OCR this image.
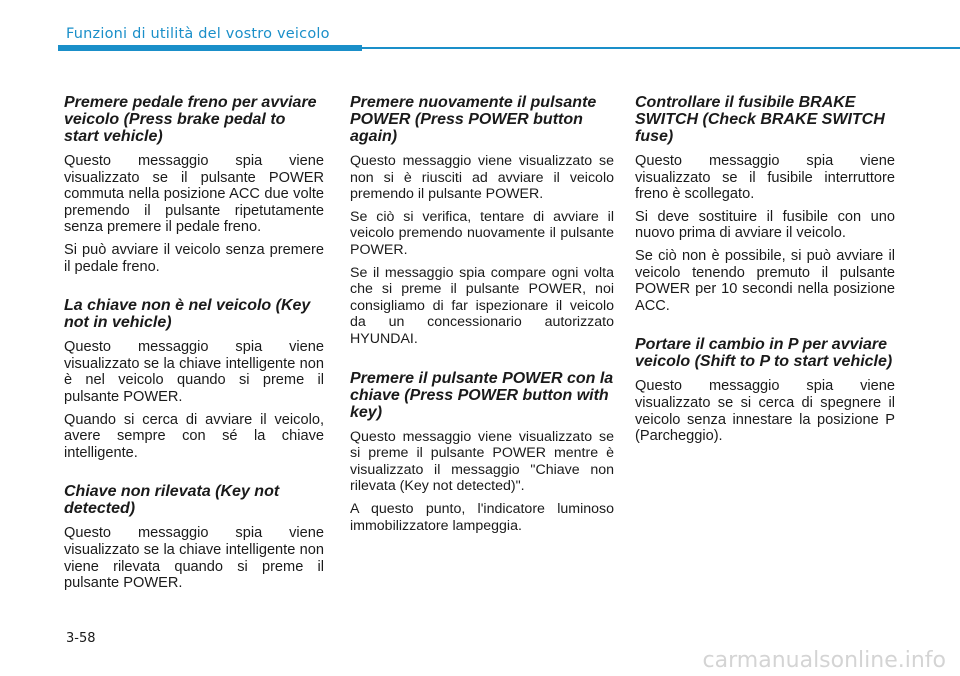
Funzioni di utilità del vostro veicolo
Premere pedale freno per avviare veicolo (Press brake pedal to start vehicle)

Questo messaggio spia viene visualizzato se il pulsante POWER commuta nella posizione ACC due volte premendo il pulsante ripetutamente senza premere il pedale freno.

Si può avviare il veicolo senza premere il pedale freno.

La chiave non è nel veicolo (Key not in vehicle)

Questo messaggio spia viene visualizzato se la chiave intelligente non è nel veicolo quando si preme il pulsante POWER.

Quando si cerca di avviare il veicolo, avere sempre con sé la chiave intelligente.

Chiave non rilevata (Key not detected)

Questo messaggio spia viene visualizzato se la chiave intelligente non viene rilevata quando si preme il pulsante POWER.

Premere nuovamente il pulsante POWER (Press POWER button again)

Questo messaggio viene visualizzato se non si è riusciti ad avviare il veicolo premendo il pulsante POWER.

Se ciò si verifica, tentare di avviare il veicolo premendo nuovamente il pulsante POWER.

Se il messaggio spia compare ogni volta che si preme il pulsante POWER, noi consigliamo di far ispezionare il veicolo da un concessionario autorizzato HYUNDAI.

Premere il pulsante POWER con la chiave (Press POWER button with key)

Questo messaggio viene visualizzato se si preme il pulsante POWER mentre è visualizzato il messaggio "Chiave non rilevata (Key not detected)".

A questo punto, l'indicatore luminoso immobilizzatore lampeggia.

Controllare il fusibile BRAKE SWITCH (Check BRAKE SWITCH fuse)

Questo messaggio spia viene visualizzato se il fusibile interruttore freno è scollegato.

Si deve sostituire il fusibile con uno nuovo prima di avviare il veicolo.

Se ciò non è possibile, si può avviare il veicolo tenendo premuto il pulsante POWER per 10 secondi nella posizione ACC.

Portare il cambio in P per avviare veicolo (Shift to P to start vehicle)

Questo messaggio spia viene visualizzato se si cerca di spegnere il veicolo senza innestare la posizione P (Parcheggio).

3-58
carmanualsonline.info
